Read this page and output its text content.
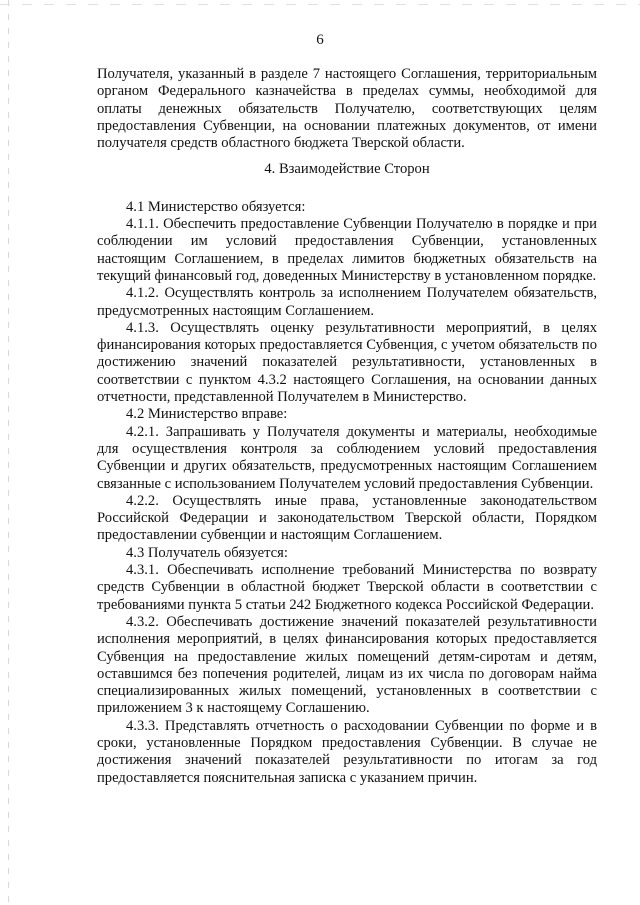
6

Получателя, указанный в разделе 7 настоящего Соглашения, территориальным органом Федерального казначейства в пределах суммы, необходимой для оплаты денежных обязательств Получателю, соответствующих целям предоставления Субвенции, на основании платежных документов, от имени получателя средств областного бюджета Тверской области.

4. Взаимодействие Сторон

4.1 Министерство обязуется:

4.1.1. Обеспечить предоставление Субвенции Получателю в порядке и при соблюдении им условий предоставления Субвенции, установленных настоящим Соглашением, в пределах лимитов бюджетных обязательств на текущий финансовый год, доведенных Министерству в установленном порядке.

4.1.2. Осуществлять контроль за исполнением Получателем обязательств, предусмотренных настоящим Соглашением.

4.1.3. Осуществлять оценку результативности мероприятий, в целях финансирования которых предоставляется Субвенция, с учетом обязательств по достижению значений показателей результативности, установленных в соответствии с пунктом 4.3.2 настоящего Соглашения, на основании данных отчетности, представленной Получателем в Министерство.

4.2 Министерство вправе:

4.2.1. Запрашивать у Получателя документы и материалы, необходимые для осуществления контроля за соблюдением условий предоставления Субвенции и других обязательств, предусмотренных настоящим Соглашением связанные с использованием Получателем условий предоставления Субвенции.

4.2.2. Осуществлять иные права, установленные законодательством Российской Федерации и законодательством Тверской области, Порядком предоставлении субвенции и настоящим Соглашением.

4.3 Получатель обязуется:

4.3.1. Обеспечивать исполнение требований Министерства по возврату средств Субвенции в областной бюджет Тверской области в соответствии с требованиями пункта 5 статьи 242 Бюджетного кодекса Российской Федерации.

4.3.2. Обеспечивать достижение значений показателей результативности исполнения мероприятий, в целях финансирования которых предоставляется Субвенция на предоставление жилых помещений детям-сиротам и детям, оставшимся без попечения родителей, лицам из их числа по договорам найма специализированных жилых помещений, установленных в соответствии с приложением 3 к настоящему Соглашению.

4.3.3. Представлять отчетность о расходовании Субвенции по форме и в сроки, установленные Порядком предоставления Субвенции. В случае не достижения значений показателей результативности по итогам за год предоставляется пояснительная записка с указанием причин.
